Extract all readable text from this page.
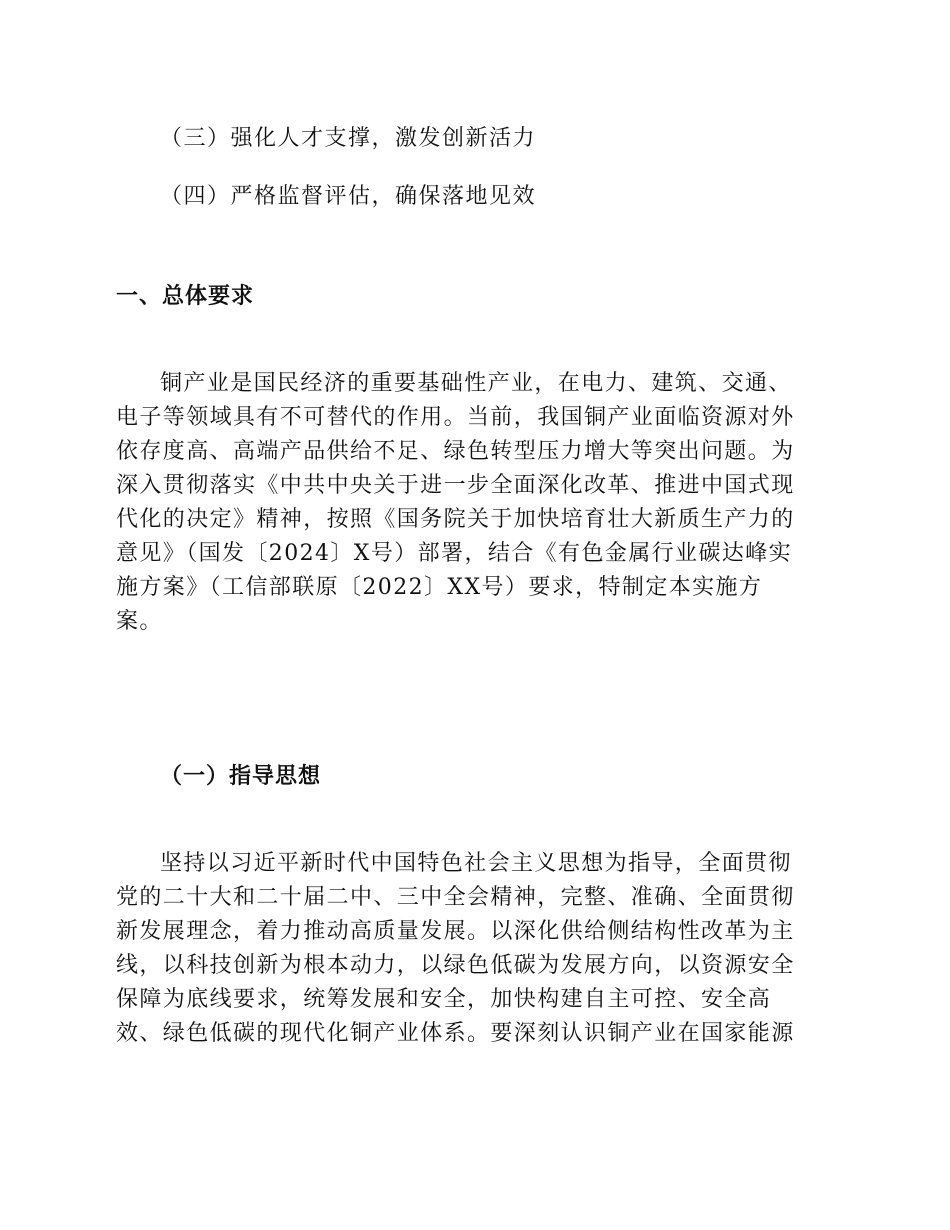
（三）强化人才支撑，激发创新活力
（四）严格监督评估，确保落地见效
一、总体要求
铜产业是国民经济的重要基础性产业，在电力、建筑、交通、
电子等领域具有不可替代的作用。当前，我国铜产业面临资源对外
依存度高、高端产品供给不足、绿色转型压力增大等突出问题。为
深入贯彻落实《中共中央关于进一步全面深化改革、推进中国式现
代化的决定》精神，按照《国务院关于加快培育壮大新质生产力的
意见》（国发〔2024〕X号）部署，结合《有色金属行业碳达峰实
施方案》（工信部联原〔2022〕XX号）要求，特制定本实施方
案。
（一）指导思想
坚持以习近平新时代中国特色社会主义思想为指导，全面贯彻
党的二十大和二十届二中、三中全会精神，完整、准确、全面贯彻
新发展理念，着力推动高质量发展。以深化供给侧结构性改革为主
线，以科技创新为根本动力，以绿色低碳为发展方向，以资源安全
保障为底线要求，统筹发展和安全，加快构建自主可控、安全高
效、绿色低碳的现代化铜产业体系。要深刻认识铜产业在国家能源
